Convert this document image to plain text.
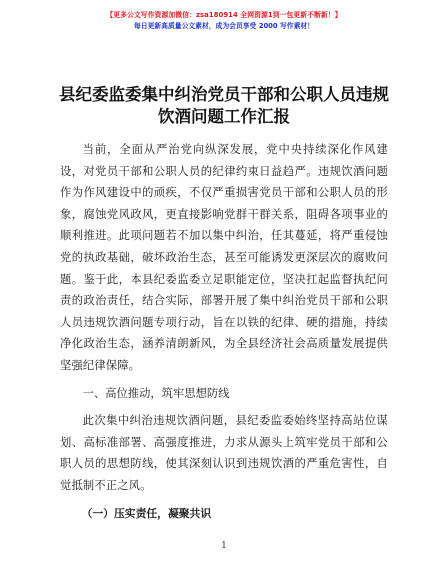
【更多公文写作资源加微信：zsa180914 全网资源1到一包更新不断新！】
每日更新高质量公文素材，成为会员享受 2000 写作素材！
县纪委监委集中纠治党员干部和公职人员违规
饮酒问题工作汇报

当前，全面从严治党向纵深发展，党中央持续深化作风建设，对党员干部和公职人员的纪律约束日益趋严。违规饮酒问题作为作风建设中的顽疾，不仅严重损害党员干部和公职人员的形象，腐蚀党风政风，更直接影响党群干群关系，阻碍各项事业的顺利推进。此项问题若不加以集中纠治，任其蔓延，将严重侵蚀党的执政基础，破坏政治生态，甚至可能诱发更深层次的腐败问题。鉴于此，本县纪委监委立足职能定位，坚决扛起监督执纪问责的政治责任，结合实际，部署开展了集中纠治党员干部和公职人员违规饮酒问题专项行动，旨在以铁的纪律、硬的措施，持续净化政治生态，涵养清朗新风，为全县经济社会高质量发展提供坚强纪律保障。

一、高位推动，筑牢思想防线

此次集中纠治违规饮酒问题，县纪委监委始终坚持高站位谋划、高标准部署、高强度推进，力求从源头上筑牢党员干部和公职人员的思想防线，使其深刻认识到违规饮酒的严重危害性，自觉抵制不正之风。

（一）压实责任，凝聚共识

1
